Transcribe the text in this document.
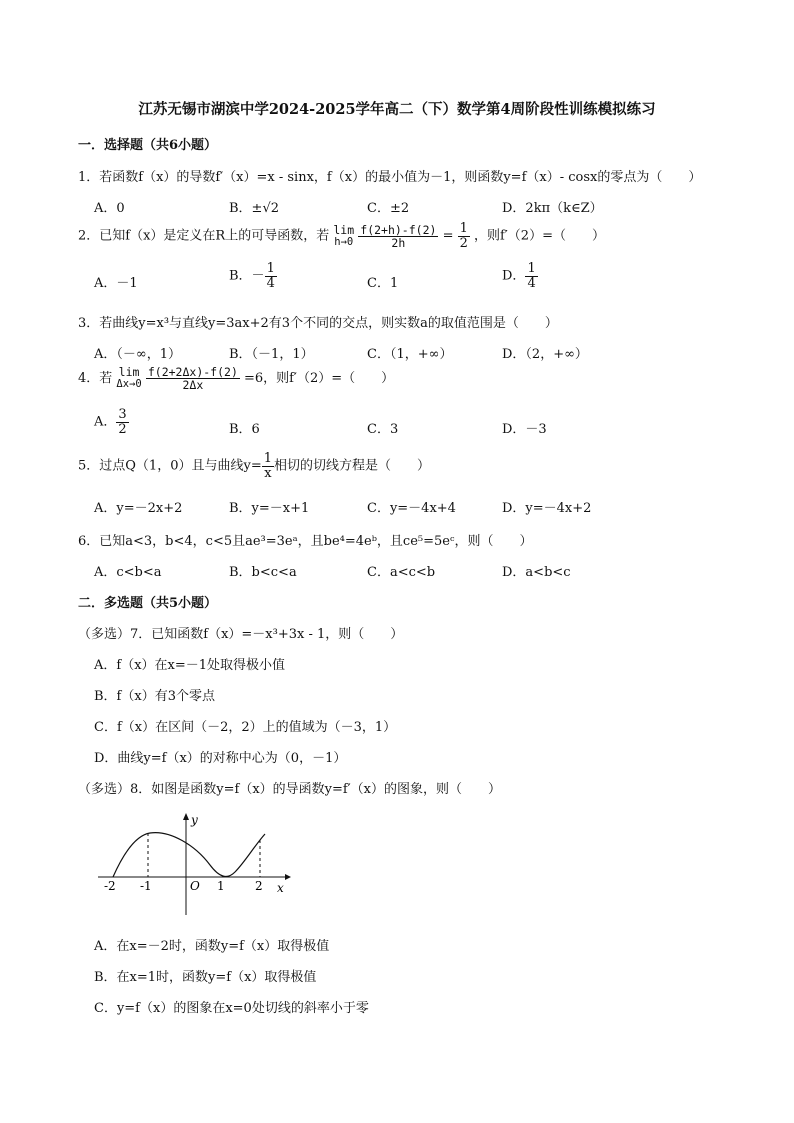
江苏无锡市湖滨中学2024-2025学年高二（下）数学第4周阶段性训练模拟练习
一．选择题（共6小题）
1．若函数f（x）的导数f′（x）=x - sinx，f（x）的最小值为－1，则函数y=f（x）- cosx的零点为（　　）
A．0	B．±√2	C．±2	D．2kπ（k∈Z）
2．已知f（x）是定义在R上的可导函数，若 lim
h→0
$\frac{f(2+h)-f(2)}{2h} = \frac{1}{2}$ ，则f′（2）=（　　）
A．－1	B．－ $\frac{1}{4}$	C．1	D． $\frac{1}{4}$
3．若曲线y=x³与直线y=3ax+2有3个不同的交点，则实数a的取值范围是（　　）
A．（－∞，1）	B．（－1，1）	C．（1，+∞）	D．（2，+∞）
4．若 lim
Δx→0
$\frac{f(2+2\Delta x)-f(2)}{2\Delta x} =6$，则f′（2）=（　　）
A． $\frac{3}{2}$	B．6	C．3	D．－3
5．过点Q（1，0）且与曲线$y= \frac{1}{x}$ 相切的切线方程是（　　）
A．y=－2x+2	B．y=－x+1	C．y=－4x+4	D．y=－4x+2
6．已知a<3，b<4，c<5且ae³=3eᵃ，且be⁴=4eᵇ，且ce⁵=5eᶜ，则（　　）
A．c<b<a	B．b<c<a	C．a<c<b	D．a<b<c
二．多选题（共5小题）
（多选）7．已知函数f（x）=－x³+3x - 1，则（　　）
A．f（x）在x=－1处取得极小值
B．f（x）有3个零点
C．f（x）在区间（－2，2）上的值域为（－3，1）
D．曲线y=f（x）的对称中心为（0，－1）
（多选）8．如图是函数y=f（x）的导函数y=f′（x）的图象，则（　　）
-2 -1	O 1	2 x
y
A．在x=－2时，函数y=f（x）取得极值
B．在x=1时，函数y=f（x）取得极值
C．y=f（x）的图象在x=0处切线的斜率小于零
